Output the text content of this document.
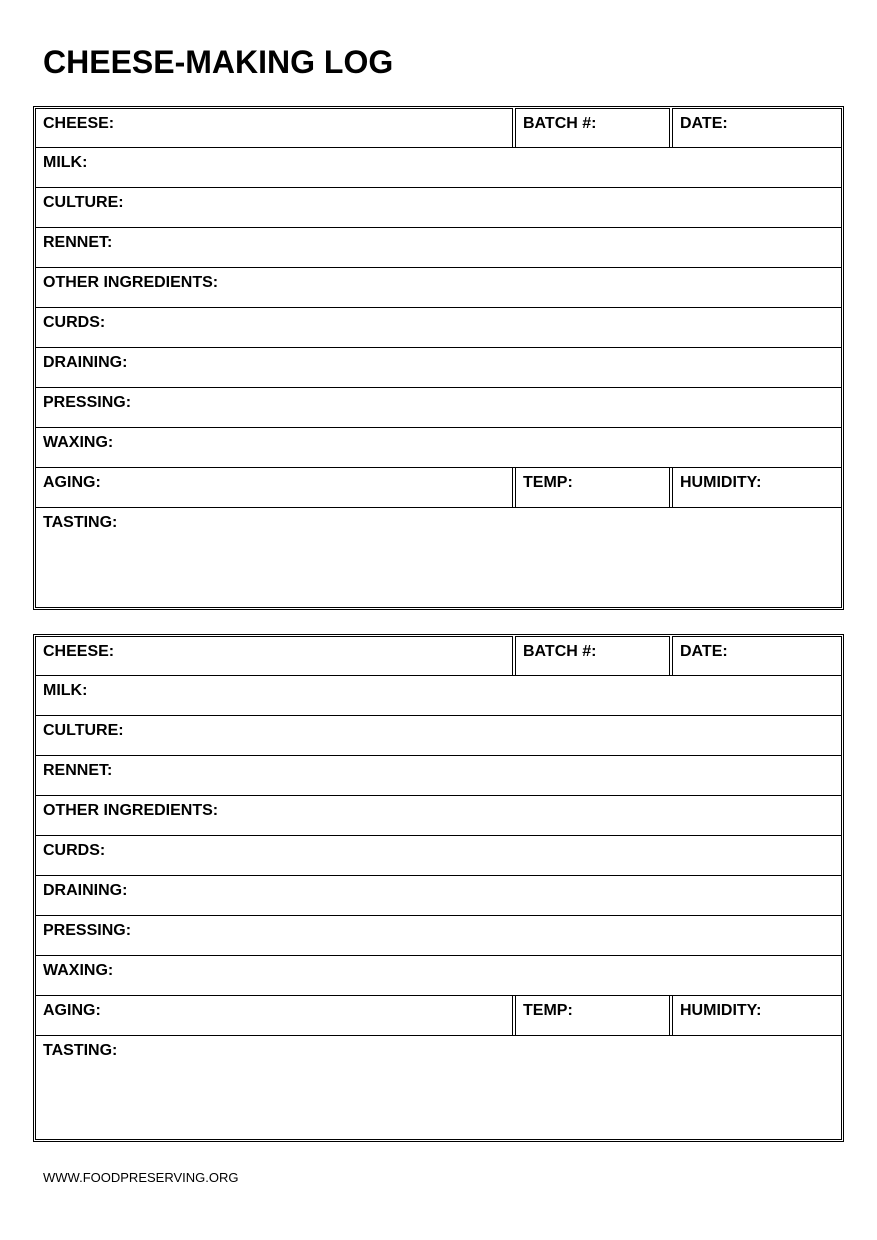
CHEESE-MAKING LOG
CHEESE:	BATCH #:	DATE:
MILK:
CULTURE:
RENNET:
OTHER INGREDIENTS:
CURDS:
DRAINING:
PRESSING:
WAXING:
AGING:	TEMP:	HUMIDITY:
TASTING:
CHEESE:	BATCH #:	DATE:
MILK:
CULTURE:
RENNET:
OTHER INGREDIENTS:
CURDS:
DRAINING:
PRESSING:
WAXING:
AGING:	TEMP:	HUMIDITY:
TASTING:
WWW.FOODPRESERVING.ORG
